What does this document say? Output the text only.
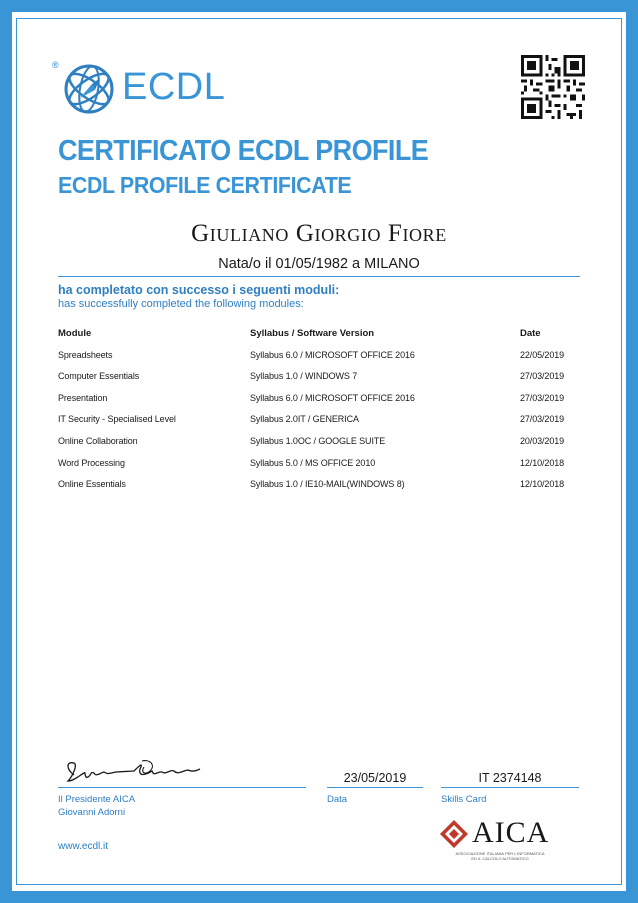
®
ECDL
CERTIFICATO ECDL PROFILE
ECDL PROFILE CERTIFICATE
Giuliano Giorgio Fiore
Nata/o il 01/05/1982 a MILANO
ha completato con successo i seguenti moduli:
has successfully completed the following modules:
Module	Syllabus / Software Version	Date
Spreadsheets	Syllabus 6.0 / MICROSOFT OFFICE 2016	22/05/2019
Computer Essentials	Syllabus 1.0 / WINDOWS 7	27/03/2019
Presentation	Syllabus 6.0 / MICROSOFT OFFICE 2016	27/03/2019
IT Security - Specialised Level	Syllabus 2.0IT / GENERICA	27/03/2019
Online Collaboration	Syllabus 1.0OC / GOOGLE SUITE	20/03/2019
Word Processing	Syllabus 5.0 / MS OFFICE 2010	12/10/2018
Online Essentials	Syllabus 1.0 / IE10-MAIL(WINDOWS 8)	12/10/2018
23/05/2019	IT 2374148
Il Presidente AICA
Giovanni Adorni
Data	Skills Card
www.ecdl.it	AICA
ASSOCIAZIONE ITALIANA PER L'INFORMATICA
ED IL CALCOLO AUTOMATICO
